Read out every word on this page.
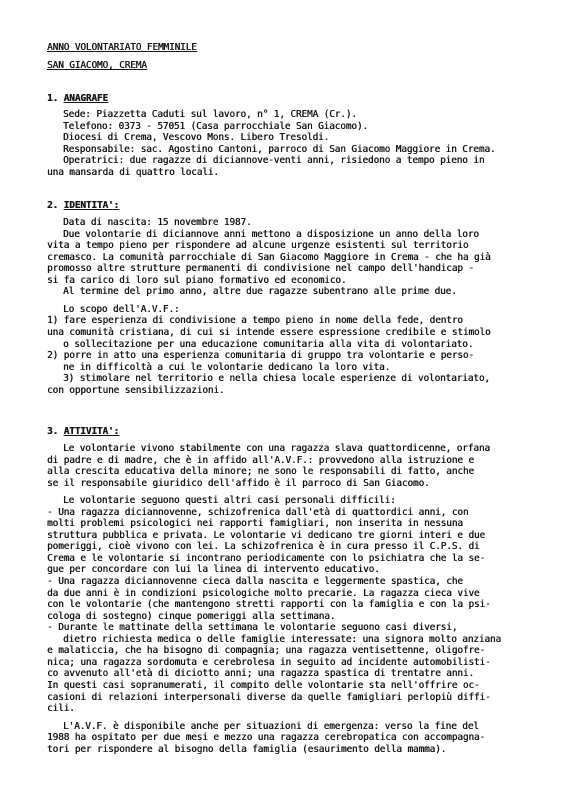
ANNO VOLONTARIATO FEMMINILE
SAN GIACOMO, CREMA
1. ANAGRAFE
Sede: Piazzetta Caduti sul lavoro, n° 1, CREMA (Cr.).
Telefono: 0373 - 57051 (Casa parrocchiale San Giacomo).
Diocesi di Crema, Vescovo Mons. Libero Tresoldi.
Responsabile: sac. Agostino Cantoni, parroco di San Giacomo Maggiore in Crema.
Operatrici: due ragazze di diciannove-venti anni, risiedono a tempo pieno in
una mansarda di quattro locali.
2. IDENTITA':
Data di nascita: 15 novembre 1987.
Due volontarie di diciannove anni mettono a disposizione un anno della loro
vita a tempo pieno per rispondere ad alcune urgenze esistenti sul territorio
cremasco. La comunità parrocchiale di San Giacomo Maggiore in Crema - che ha già
promosso altre strutture permanenti di condivisione nel campo dell'handicap -
si fa carico di loro sul piano formativo ed economico.
Al termine del primo anno, altre due ragazze subentrano alle prime due.
Lo scopo dell'A.V.F.:
1) fare esperienza di condivisione a tempo pieno in nome della fede, dentro
una comunità cristiana, di cui si intende essere espressione credibile e stimolo
o sollecitazione per una educazione comunitaria alla vita di volontariato.
2) porre in atto una esperienza comunitaria di gruppo tra volontarie e perso-
ne in difficoltà a cui le volontarie dedicano la loro vita.
3) stimolare nel territorio e nella chiesa locale esperienze di volontariato,
con opportune sensibilizzazioni.
3. ATTIVITA':
Le volontarie vivono stabilmente con una ragazza slava quattordicenne, orfana
di padre e di madre, che è in affido all'A.V.F.: provvedono alla istruzione e
alla crescita educativa della minore; ne sono le responsabili di fatto, anche
se il responsabile giuridico dell'affido è il parroco di San Giacomo.
Le volontarie seguono questi altri casi personali difficili:
- Una ragazza diciannovenne, schizofrenica dall'età di quattordici anni, con
molti problemi psicologici nei rapporti famigliari, non inserita in nessuna
struttura pubblica e privata. Le volontarie vi dedicano tre giorni interi e due
pomeriggi, cioè vivono con lei. La schizofrenica è in cura presso il C.P.S. di
Crema e le volontarie si incontrano periodicamente con lo psichiatra che la se-
gue per concordare con lui la linea di intervento educativo.
- Una ragazza diciannovenne cieca dalla nascita e leggermente spastica, che
da due anni è in condizioni psicologiche molto precarie. La ragazza cieca vive
con le volontarie (che mantengono stretti rapporti con la famiglia e con la psi-
cologa di sostegno) cinque pomeriggi alla settimana.
- Durante le mattinate della settimana le volontarie seguono casi diversi,
dietro richiesta medica o delle famiglie interessate: una signora molto anziana
e malaticcia, che ha bisogno di compagnia; una ragazza ventisettenne, oligofre-
nica; una ragazza sordomuta e cerebrolesa in seguito ad incidente automobilisti-
co avvenuto all'età di diciotto anni; una ragazza spastica di trentatre anni.
In questi casi sopranumerati, il compito delle volontarie sta nell'offrire oc-
casioni di relazioni interpersonali diverse da quelle famigliari perlopiù diffi-
cili.
L'A.V.F. è disponibile anche per situazioni di emergenza: verso la fine del
1988 ha ospitato per due mesi e mezzo una ragazza cerebropatica con accompagna-
tori per rispondere al bisogno della famiglia (esaurimento della mamma).
